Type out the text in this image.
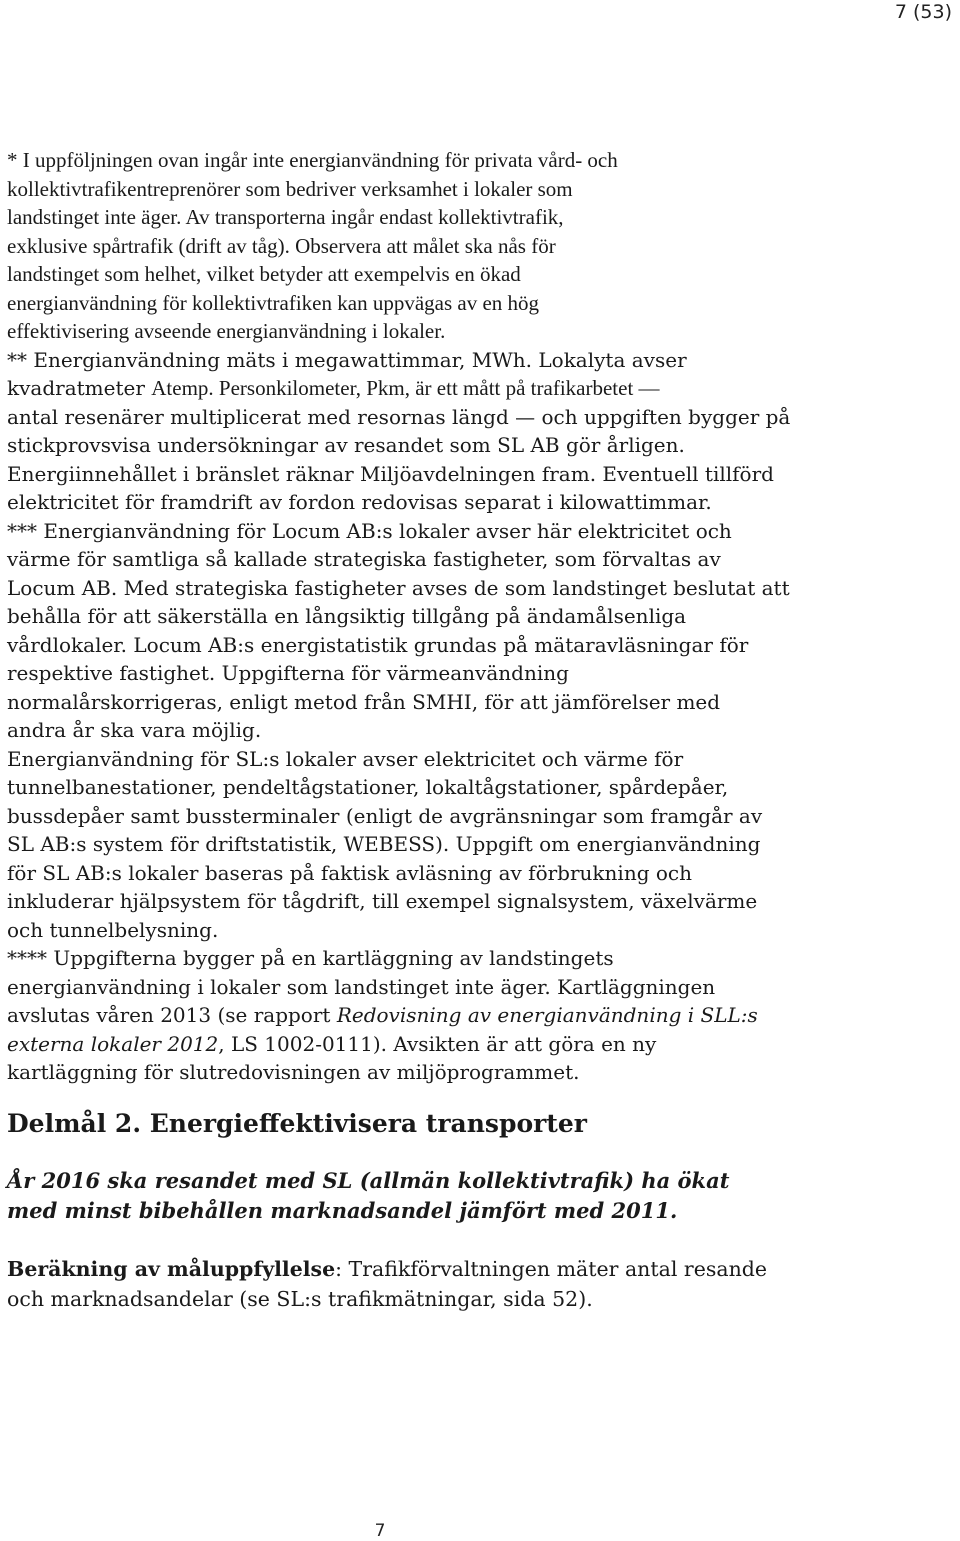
7 (53)

* I uppföljningen ovan ingår inte energianvändning för privata vård- och
kollektivtrafikentreprenörer som bedriver verksamhet i lokaler som
landstinget inte äger. Av transporterna ingår endast kollektivtrafik,
exklusive spårtrafik (drift av tåg). Observera att målet ska nås för
landstinget som helhet, vilket betyder att exempelvis en ökad
energianvändning för kollektivtrafiken kan uppvägas av en hög
effektivisering avseende energianvändning i lokaler.
** Energianvändning mäts i megawattimmar, MWh. Lokalyta avser
kvadratmeter Atemp. Personkilometer, Pkm, är ett mått på trafikarbetet —
antal resenärer multiplicerat med resornas längd — och uppgiften bygger på
stickprovsvisa undersökningar av resandet som SL AB gör årligen.
Energiinnehållet i bränslet räknar Miljöavdelningen fram. Eventuell tillförd
elektricitet för framdrift av fordon redovisas separat i kilowattimmar.
*** Energianvändning för Locum AB:s lokaler avser här elektricitet och
värme för samtliga så kallade strategiska fastigheter, som förvaltas av
Locum AB. Med strategiska fastigheter avses de som landstinget beslutat att
behålla för att säkerställa en långsiktig tillgång på ändamålsenliga
vårdlokaler. Locum AB:s energistatistik grundas på mätaravläsningar för
respektive fastighet. Uppgifterna för värmeanvändning
normalårskorrigeras, enligt metod från SMHI, för att jämförelser med
andra år ska vara möjlig.
Energianvändning för SL:s lokaler avser elektricitet och värme för
tunnelbanestationer, pendeltågstationer, lokaltågstationer, spårdepåer,
bussdepåer samt bussterminaler (enligt de avgränsningar som framgår av
SL AB:s system för driftstatistik, WEBESS). Uppgift om energianvändning
för SL AB:s lokaler baseras på faktisk avläsning av förbrukning och
inkluderar hjälpsystem för tågdrift, till exempel signalsystem, växelvärme
och tunnelbelysning.
**** Uppgifterna bygger på en kartläggning av landstingets
energianvändning i lokaler som landstinget inte äger. Kartläggningen
avslutas våren 2013 (se rapport Redovisning av energianvändning i SLL:s
externa lokaler 2012, LS 1002-0111). Avsikten är att göra en ny
kartläggning för slutredovisningen av miljöprogrammet.

Delmål 2. Energieffektivisera transporter

År 2016 ska resandet med SL (allmän kollektivtrafik) ha ökat
med minst bibehållen marknadsandel jämfört med 2011.

Beräkning av måluppfyllelse: Trafikförvaltningen mäter antal resande
och marknadsandelar (se SL:s trafikmätningar, sida 52).

7
